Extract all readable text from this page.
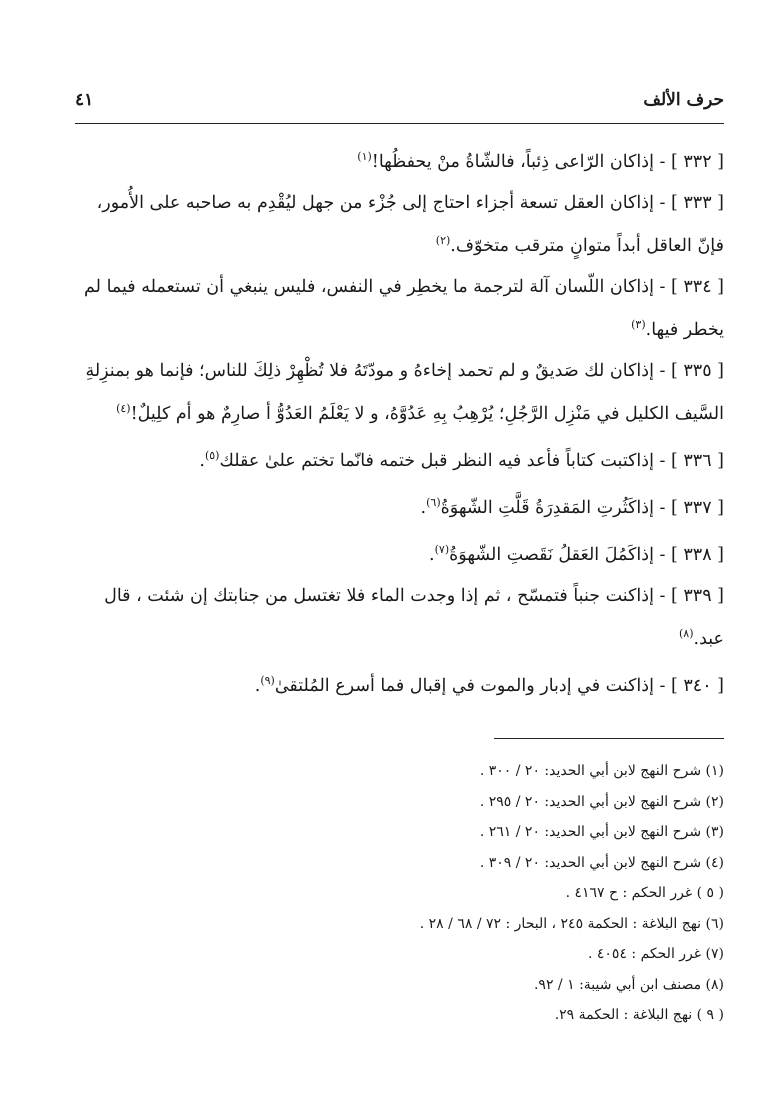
حرف الألف
٤١

[ ٣٣٢ ] - إذاكان الرّاعى ذِئباً، فالشّاةُ منْ يحفظُها!$^{(١)}$

[ ٣٣٣ ] - إذاكان العقل تسعة أجزاء احتاج إلى جُزْء من جهل ليُقْدِم به صاحبه على الأُمور، فإنّ العاقل أبداً متوانٍ مترقب متخوّف.$^{(٢)}$

[ ٣٣٤ ] - إذاكان اللّسان آلة لترجمة ما يخطِر في النفس، فليس ينبغي أن تستعمله فيما لم يخطر فيها.$^{(٣)}$

[ ٣٣٥ ] - إذاكان لك صَديقٌ و لم تحمد إخاءهُ و مودّتَهُ فلا تُظْهِرْ ذلِكَ للناس؛ فإنما هو بمنزِلةِ السَّيف الكليل في مَنْزِل الرَّجُلِ؛ يُرْهِبُ بِهِ عَدُوَّهُ، و لا يَعْلَمُ العَدُوُّ أ صارِمٌ هو أم كلِيلٌ!$^{(٤)}$

[ ٣٣٦ ] - إذاكتبت كتاباً فأعد فيه النظر قبل ختمه فانّما تختم علىٰ عقلك$^{(٥)}$.

[ ٣٣٧ ] - إذاكَثُرتِ المَقدِرَةُ قَلَّتِ الشّهوَةُ$^{(٦)}$.

[ ٣٣٨ ] - إذاكَمُلَ العَقلُ نَقَصتِ الشّهوَةُ$^{(٧)}$.

[ ٣٣٩ ] - إذاكنت جنباً فتمسّح ، ثم إذا وجدت الماء فلا تغتسل من جنابتك إن شئت ، قال عبد.$^{(٨)}$

[ ٣٤٠ ] - إذاكنت في إدبار والموت في إقبال فما أسرع المُلتقىٰ$^{(٩)}$.

(١) شرح النهج لابن أبي الحديد: ٢٠ / ٣٠٠ .

(٢) شرح النهج لابن أبي الحديد: ٢٠ / ٢٩٥ .

(٣) شرح النهج لابن أبي الحديد: ٢٠ / ٢٦١ .

(٤) شرح النهج لابن أبي الحديد: ٢٠ / ٣٠٩ .

( ٥ ) غرر الحكم : ح ٤١٦٧ .

(٦) نهج البلاغة : الحكمة ٢٤٥ ، البحار : ٧٢ / ٦٨ / ٢٨ .

(٧) غرر الحكم : ٤٠٥٤ .

(٨) مصنف ابن أبي شيبة: ١ / ٩٢.

( ٩ ) نهج البلاغة : الحكمة ٢٩.
